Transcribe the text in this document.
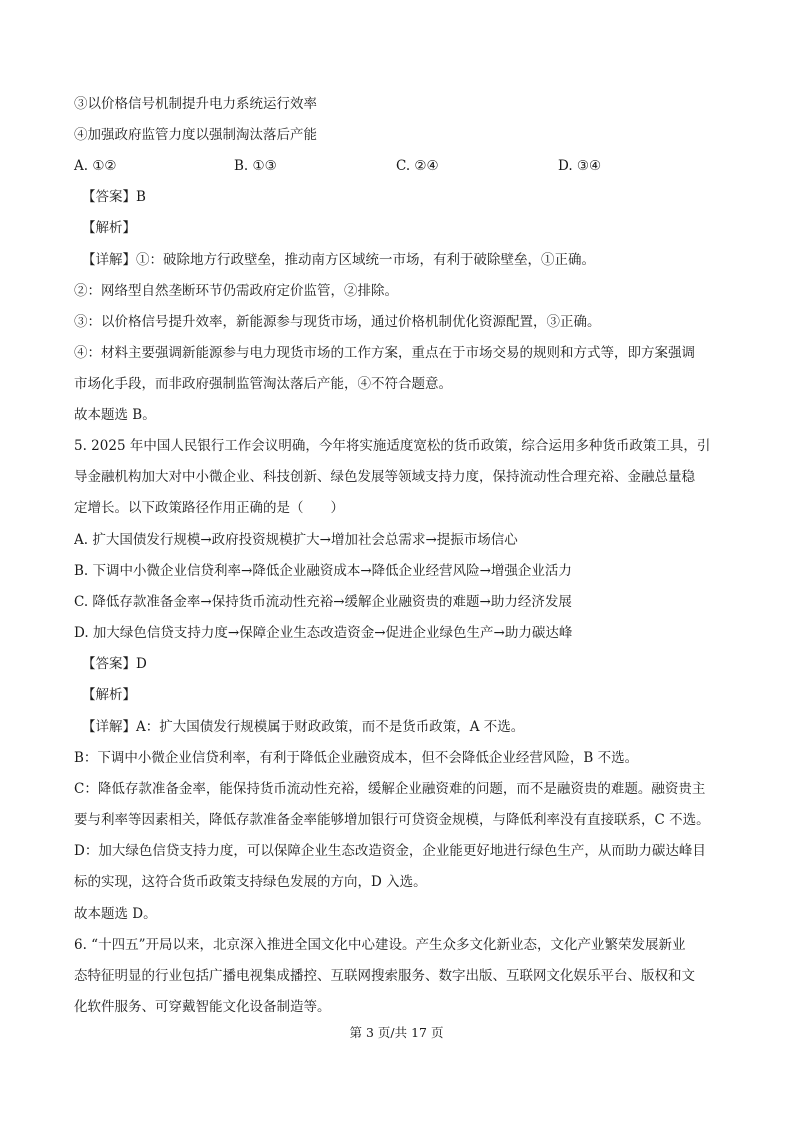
③以价格信号机制提升电力系统运行效率
④加强政府监管力度以强制淘汰落后产能
A. ①②	B. ①③	C. ②④	D. ③④
【答案】B
【解析】
【详解】①：破除地方行政壁垒，推动南方区域统一市场，有利于破除壁垒，①正确。
②：网络型自然垄断环节仍需政府定价监管，②排除。
③：以价格信号提升效率，新能源参与现货市场，通过价格机制优化资源配置，③正确。
④：材料主要强调新能源参与电力现货市场的工作方案，重点在于市场交易的规则和方式等，即方案强调
市场化手段，而非政府强制监管淘汰落后产能，④不符合题意。
故本题选 B。
5. 2025 年中国人民银行工作会议明确，今年将实施适度宽松的货币政策，综合运用多种货币政策工具，引
导金融机构加大对中小微企业、科技创新、绿色发展等领域支持力度，保持流动性合理充裕、金融总量稳
定增长。以下政策路径作用正确的是（　　）
A. 扩大国债发行规模→政府投资规模扩大→增加社会总需求→提振市场信心
B. 下调中小微企业信贷利率→降低企业融资成本→降低企业经营风险→增强企业活力
C. 降低存款准备金率→保持货币流动性充裕→缓解企业融资贵的难题→助力经济发展
D. 加大绿色信贷支持力度→保障企业生态改造资金→促进企业绿色生产→助力碳达峰
【答案】D
【解析】
【详解】A：扩大国债发行规模属于财政政策，而不是货币政策，A 不选。
B：下调中小微企业信贷利率，有利于降低企业融资成本，但不会降低企业经营风险，B 不选。
C：降低存款准备金率，能保持货币流动性充裕，缓解企业融资难的问题，而不是融资贵的难题。融资贵主
要与利率等因素相关，降低存款准备金率能够增加银行可贷资金规模，与降低利率没有直接联系，C 不选。
D：加大绿色信贷支持力度，可以保障企业生态改造资金，企业能更好地进行绿色生产，从而助力碳达峰目
标的实现，这符合货币政策支持绿色发展的方向，D 入选。
故本题选 D。
6. “十四五”开局以来，北京深入推进全国文化中心建设。产生众多文化新业态，文化产业繁荣发展新业
态特征明显的行业包括广播电视集成播控、互联网搜索服务、数字出版、互联网文化娱乐平台、版权和文
化软件服务、可穿戴智能文化设备制造等。
第 3 页/共 17 页
